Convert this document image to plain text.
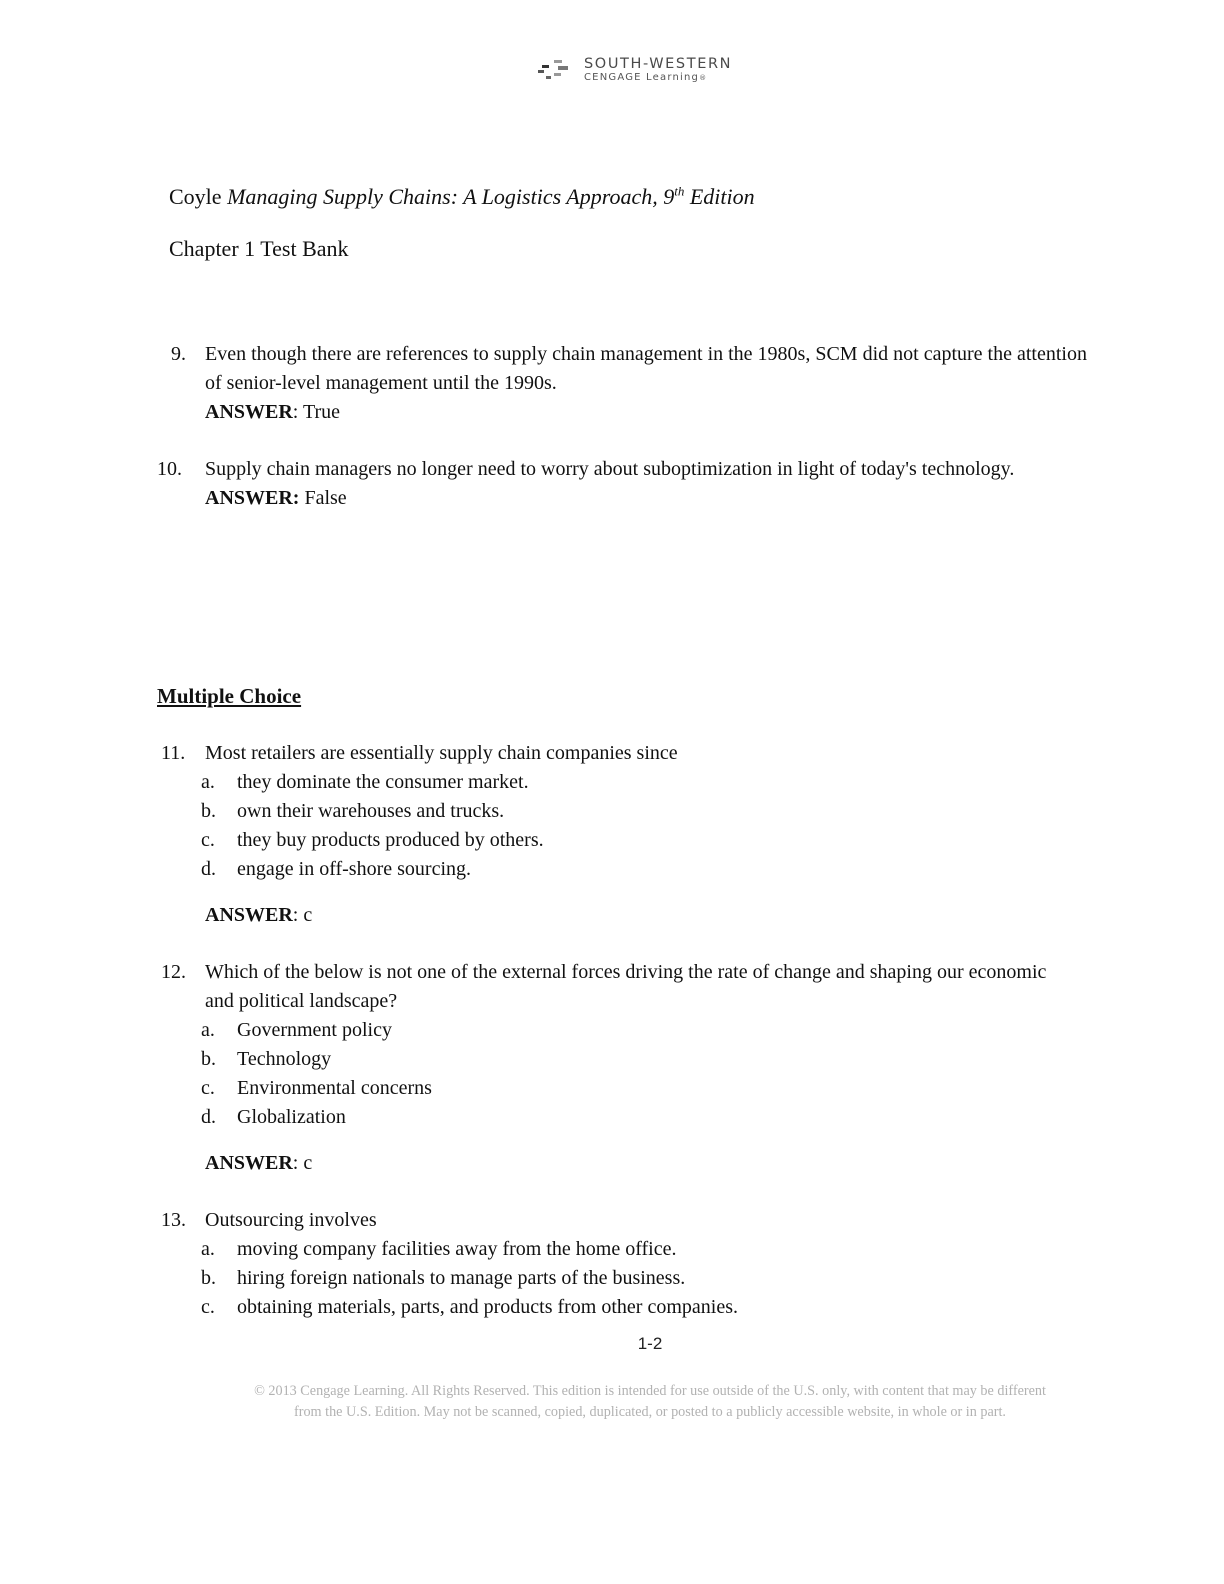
SOUTH-WESTERN
CENGAGE Learning®
Coyle Managing Supply Chains: A Logistics Approach, 9th Edition
Chapter 1 Test Bank
9. Even though there are references to supply chain management in the 1980s, SCM did not capture the attention of senior-level management until the 1990s.
ANSWER: True
10. Supply chain managers no longer need to worry about suboptimization in light of today's technology.
ANSWER: False
Multiple Choice
11. Most retailers are essentially supply chain companies since
a. they dominate the consumer market.
b. own their warehouses and trucks.
c. they buy products produced by others.
d. engage in off-shore sourcing.
ANSWER: c
12. Which of the below is not one of the external forces driving the rate of change and shaping our economic and political landscape?
a. Government policy
b. Technology
c. Environmental concerns
d. Globalization
ANSWER: c
13. Outsourcing involves
a. moving company facilities away from the home office.
b. hiring foreign nationals to manage parts of the business.
c. obtaining materials, parts, and products from other companies.
1-2
© 2013 Cengage Learning. All Rights Reserved. This edition is intended for use outside of the U.S. only, with content that may be different
from the U.S. Edition. May not be scanned, copied, duplicated, or posted to a publicly accessible website, in whole or in part.
